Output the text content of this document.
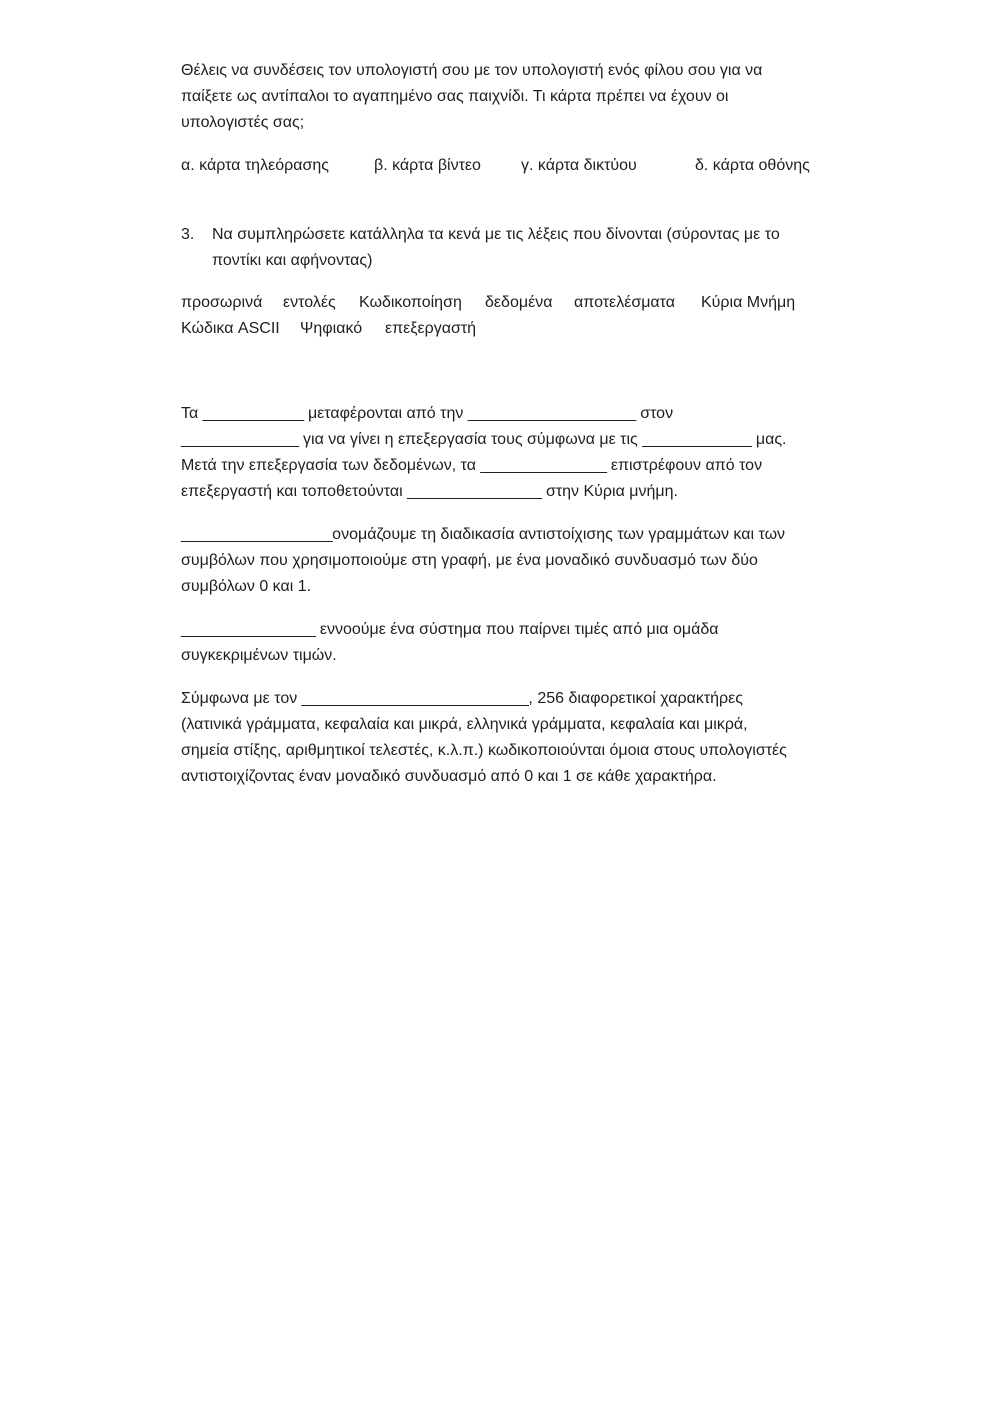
Θέλεις να συνδέσεις τον υπολογιστή σου με τον υπολογιστή ενός φίλου σου για να
παίξετε ως αντίπαλοι το αγαπημένο σας παιχνίδι. Τι κάρτα πρέπει να έχουν οι
υπολογιστές σας;
α. κάρτα τηλεόρασης	β. κάρτα βίντεο	γ. κάρτα δικτύου	δ. κάρτα οθόνης
3. Να συμπληρώσετε κατάλληλα τα κενά με τις λέξεις που δίνονται (σύροντας με το
ποντίκι και αφήνοντας)
προσωρινά εντολές Κωδικοποίηση δεδομένα αποτελέσματα Κύρια Μνήμη
Κώδικα ASCII Ψηφιακό επεξεργαστή
Τα ____________ μεταφέρονται από την ____________________ στον
______________ για να γίνει η επεξεργασία τους σύμφωνα με τις _____________ μας.
Μετά την επεξεργασία των δεδομένων, τα _______________ επιστρέφουν από τον
επεξεργαστή και τοποθετούνται ________________ στην Κύρια μνήμη.
__________________ονομάζουμε τη διαδικασία αντιστοίχισης των γραμμάτων και των
συμβόλων που χρησιμοποιούμε στη γραφή, με ένα μοναδικό συνδυασμό των δύο
συμβόλων 0 και 1.
________________ εννοούμε ένα σύστημα που παίρνει τιμές από μια ομάδα
συγκεκριμένων τιμών.
Σύμφωνα με τον ___________________________, 256 διαφορετικοί χαρακτήρες
(λατινικά γράμματα, κεφαλαία και μικρά, ελληνικά γράμματα, κεφαλαία και μικρά,
σημεία στίξης, αριθμητικοί τελεστές, κ.λ.π.) κωδικοποιούνται όμοια στους υπολογιστές
αντιστοιχίζοντας έναν μοναδικό συνδυασμό από 0 και 1 σε κάθε χαρακτήρα.
